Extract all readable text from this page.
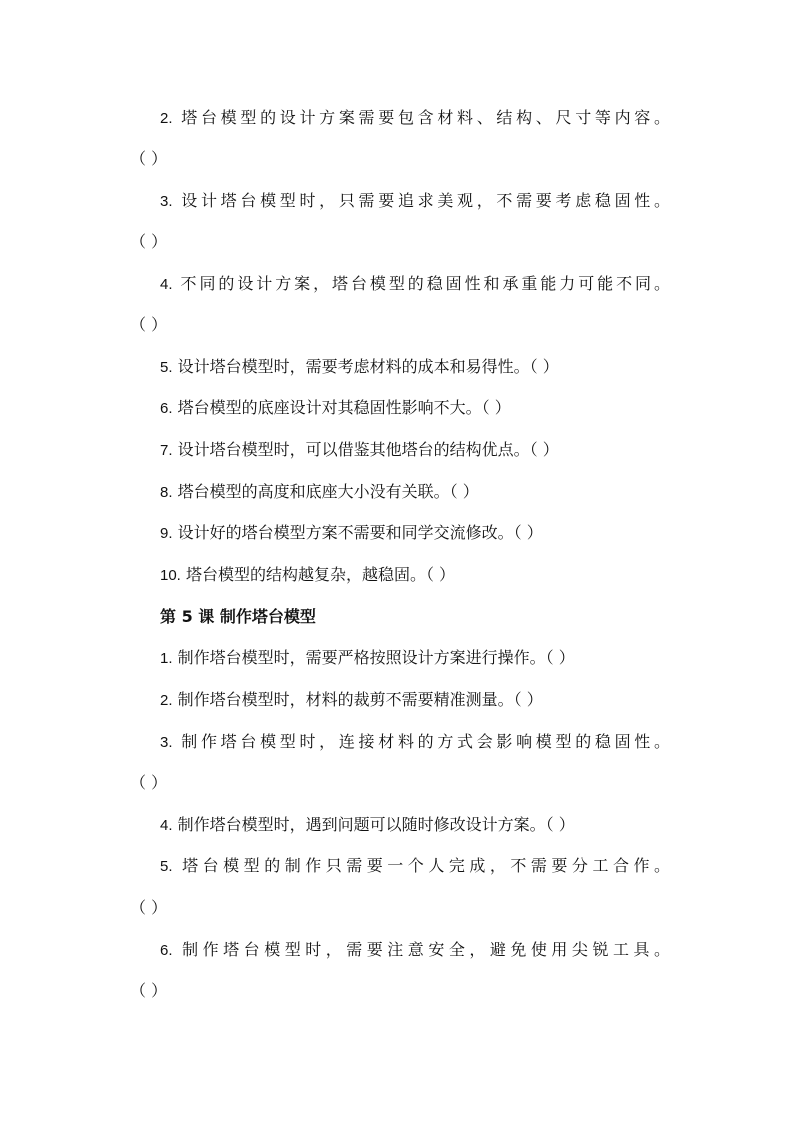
2. 塔台模型的设计方案需要包含材料、结构、尺寸等内容。
（ ）
3. 设计塔台模型时，只需要追求美观，不需要考虑稳固性。
（ ）
4. 不同的设计方案，塔台模型的稳固性和承重能力可能不同。
（ ）
5. 设计塔台模型时，需要考虑材料的成本和易得性。（ ）
6. 塔台模型的底座设计对其稳固性影响不大。（ ）
7. 设计塔台模型时，可以借鉴其他塔台的结构优点。（ ）
8. 塔台模型的高度和底座大小没有关联。（ ）
9. 设计好的塔台模型方案不需要和同学交流修改。（ ）
10. 塔台模型的结构越复杂，越稳固。（ ）
第 5 课 制作塔台模型
1. 制作塔台模型时，需要严格按照设计方案进行操作。（ ）
2. 制作塔台模型时，材料的裁剪不需要精准测量。（ ）
3. 制作塔台模型时，连接材料的方式会影响模型的稳固性。
（ ）
4. 制作塔台模型时，遇到问题可以随时修改设计方案。（ ）
5. 塔台模型的制作只需要一个人完成，不需要分工合作。
（ ）
6. 制作塔台模型时，需要注意安全，避免使用尖锐工具。
（ ）
